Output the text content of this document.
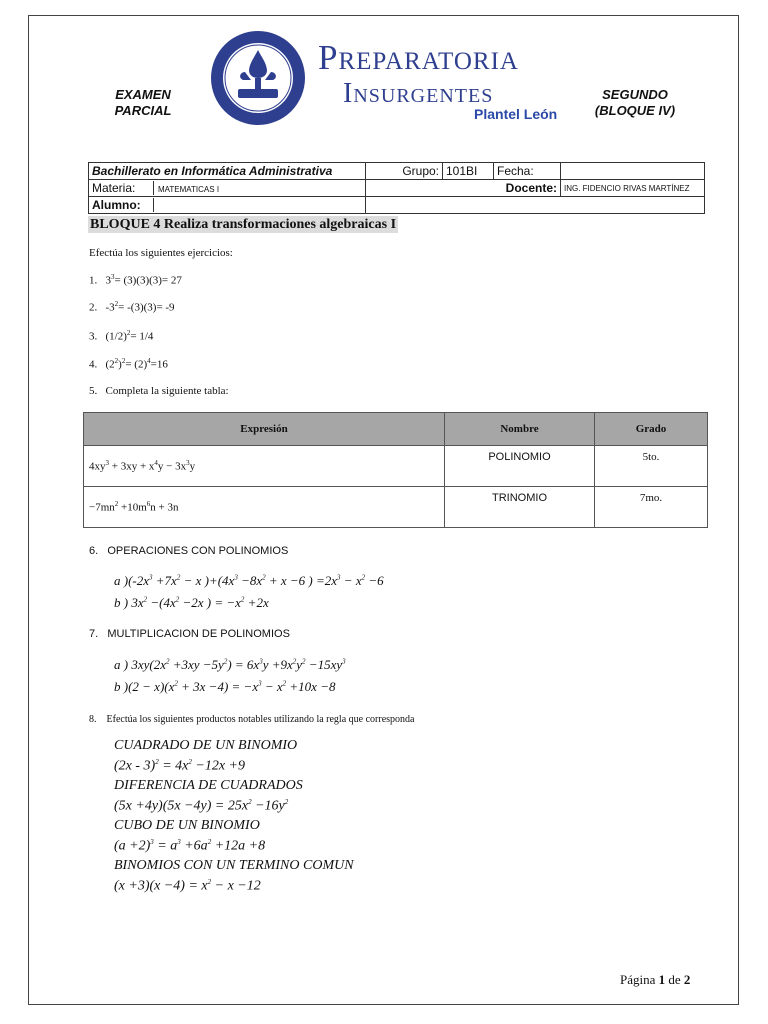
EXAMEN
PARCIAL
SEGUNDO
(BLOQUE IV)
Preparatoria
Insurgentes
Plantel León
Bachillerato en Informática Administrativa	Grupo:	101BI	Fecha:	
Materia: MATEMATICAS I	Docente:			ING. FIDENCIO RIVAS MARTÍNEZ
Alumno:				
BLOQUE 4 Realiza transformaciones algebraicas I
Efectúa los siguientes ejercicios:
1.   $3^3= (3)(3)(3)= 27$
2.   $-3^2= -(3)(3)= -9$
3.   $(1/2)^2= 1/4$
4.   $(2^2)^2= (2)^4=16$
5. Completa la siguiente tabla:
Expresión	Nombre	Grado
$4xy^3 + 3xy + x^4y - 3x^3y$	POLINOMIO	5to.
$-7mn^2 +10m^6n + 3n$	TRINOMIO	7mo.
6. OPERACIONES CON POLINOMIOS
a )($-2x^3 +7x^2 - x$ )$+(4x^3 -8x^2 + x -6$ ) $=2x^3 - x^2 -6$
b ) $3x^2 -(4x^2 -2x$ ) = $-x^2 +2x$
7. MULTIPLICACION DE POLINOMIOS
a ) $3xy(2x^2 +3xy -5y^2) = 6x^3y +9x^2y^2 -15xy^3$
b )$(2 - x)(x^2 + 3x -4) = -x^3 - x^2 +10x -8$
8. Efectúa los siguientes productos notables utilizando la regla que corresponda
CUADRADO DE UN BINOMIO
$(2x - 3)^2 = 4x^2 -12x +9$
DIFERENCIA DE CUADRADOS
$(5x +4y)(5x -4y) = 25x^2 -16y^2$
CUBO DE UN BINOMIO
$(a +2)^3 = a^3 +6a^2 +12a +8$
BINOMIOS CON UN TERMINO COMUN
$(x +3)(x -4) = x^2 - x -12$
Página 1 de 2
